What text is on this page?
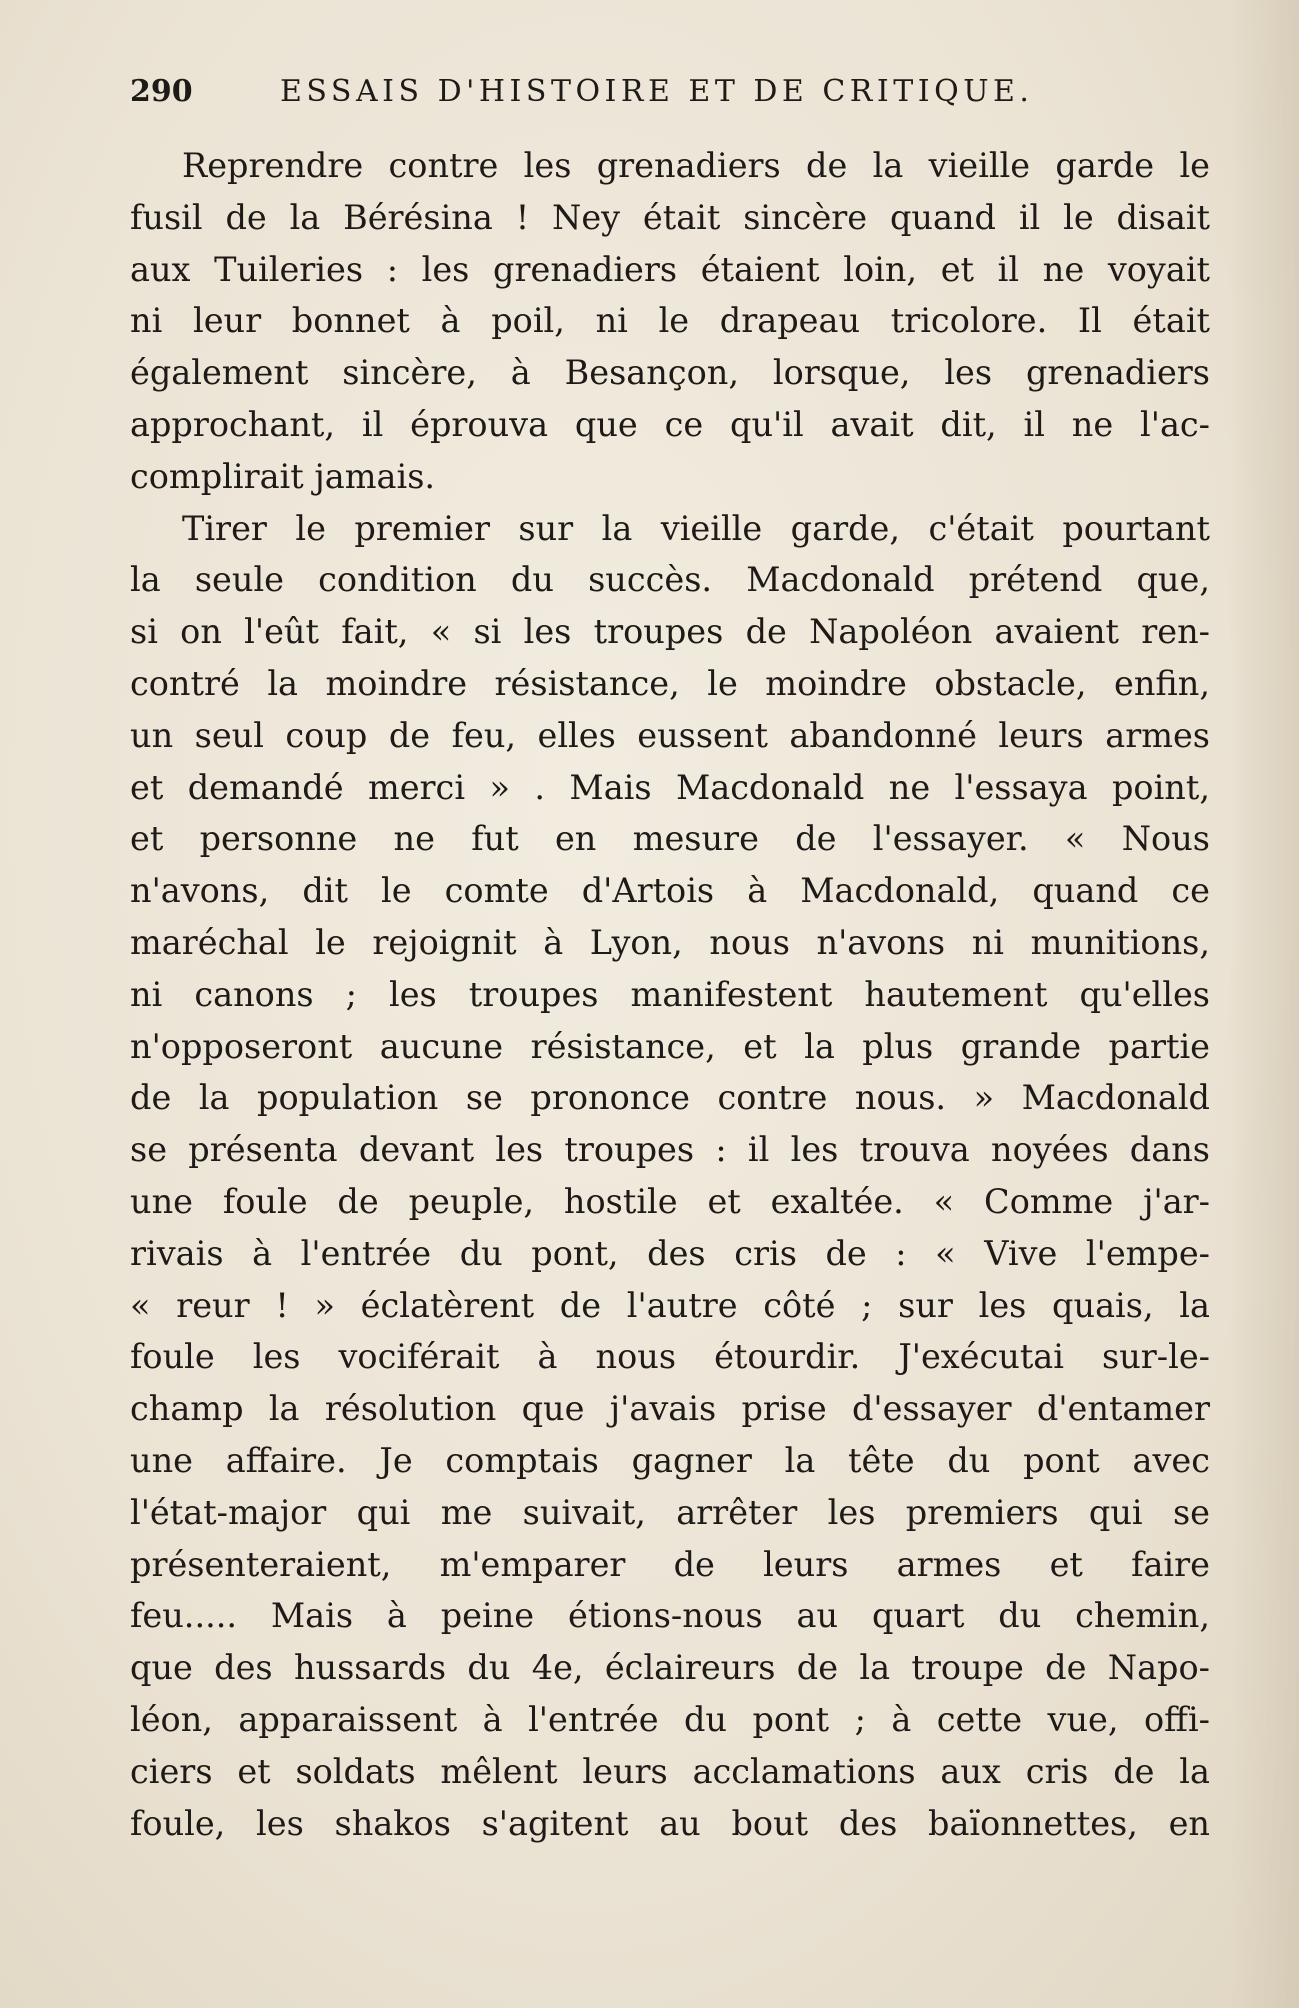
290	ESSAIS D'HISTOIRE ET DE CRITIQUE.
Reprendre contre les grenadiers de la vieille garde le
fusil de la Bérésina ! Ney était sincère quand il le disait
aux Tuileries : les grenadiers étaient loin, et il ne voyait
ni leur bonnet à poil, ni le drapeau tricolore. Il était
également sincère, à Besançon, lorsque, les grenadiers
approchant, il éprouva que ce qu'il avait dit, il ne l'ac-
complirait jamais.
Tirer le premier sur la vieille garde, c'était pourtant
la seule condition du succès. Macdonald prétend que,
si on l'eût fait, « si les troupes de Napoléon avaient ren-
contré la moindre résistance, le moindre obstacle, enfin,
un seul coup de feu, elles eussent abandonné leurs armes
et demandé merci » . Mais Macdonald ne l'essaya point,
et personne ne fut en mesure de l'essayer. « Nous
n'avons, dit le comte d'Artois à Macdonald, quand ce
maréchal le rejoignit à Lyon, nous n'avons ni munitions,
ni canons ; les troupes manifestent hautement qu'elles
n'opposeront aucune résistance, et la plus grande partie
de la population se prononce contre nous. » Macdonald
se présenta devant les troupes : il les trouva noyées dans
une foule de peuple, hostile et exaltée. « Comme j'ar-
rivais à l'entrée du pont, des cris de : « Vive l'empe-
« reur ! » éclatèrent de l'autre côté ; sur les quais, la
foule les vociférait à nous étourdir. J'exécutai sur-le-
champ la résolution que j'avais prise d'essayer d'entamer
une affaire. Je comptais gagner la tête du pont avec
l'état-major qui me suivait, arrêter les premiers qui se
présenteraient, m'emparer de leurs armes et faire
feu..... Mais à peine étions-nous au quart du chemin,
que des hussards du 4e, éclaireurs de la troupe de Napo-
léon, apparaissent à l'entrée du pont ; à cette vue, offi-
ciers et soldats mêlent leurs acclamations aux cris de la
foule, les shakos s'agitent au bout des baïonnettes, en
